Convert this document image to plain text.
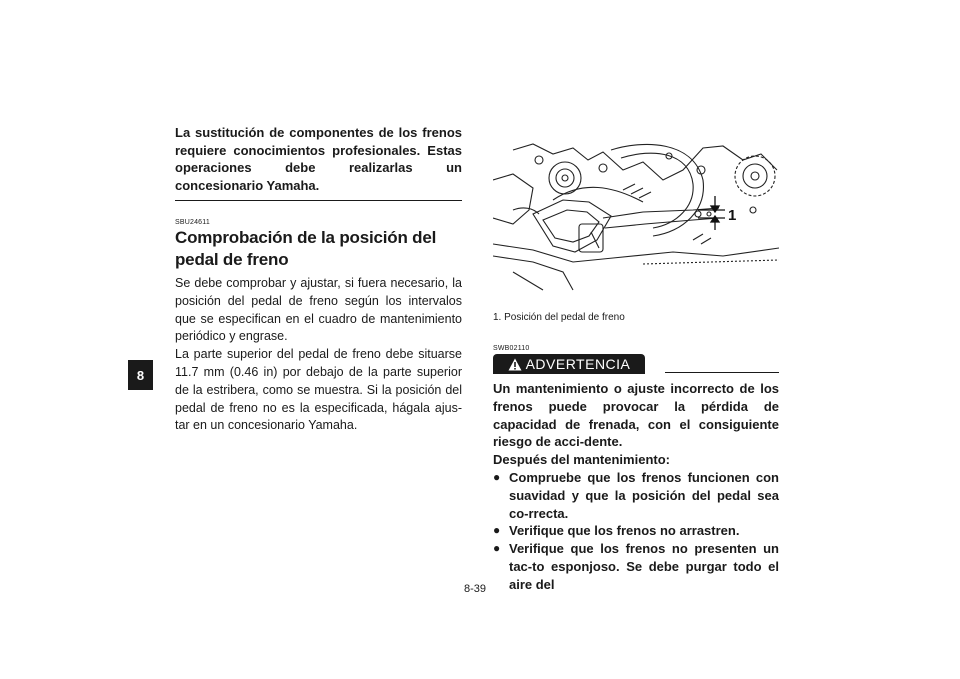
8

La sustitución de componentes de los frenos requiere conocimientos profesionales. Estas operaciones debe realizarlas un concesionario Yamaha.

SBU24611
Comprobación de la posición del pedal de freno

Se debe comprobar y ajustar, si fuera necesario, la posición del pedal de freno según los intervalos que se especifican en el cuadro de mantenimiento periódico y engrase.

La parte superior del pedal de freno debe situarse 11.7 mm (0.46 in) por debajo de la parte superior de la estribera, como se muestra. Si la posición del pedal de freno no es la especificada, hágala ajus-tar en un concesionario Yamaha.

1
1. Posición del pedal de freno
SWB02110
ADVERTENCIA

Un mantenimiento o ajuste incorrecto de los frenos puede provocar la pérdida de capacidad de frenada, con el consiguiente riesgo de acci-dente.

Después del mantenimiento:

● Compruebe que los frenos funcionen con suavidad y que la posición del pedal sea co-rrecta.
● Verifique que los frenos no arrastren.
● Verifique que los frenos no presenten un tac-to esponjoso. Se debe purgar todo el aire del
8-39
